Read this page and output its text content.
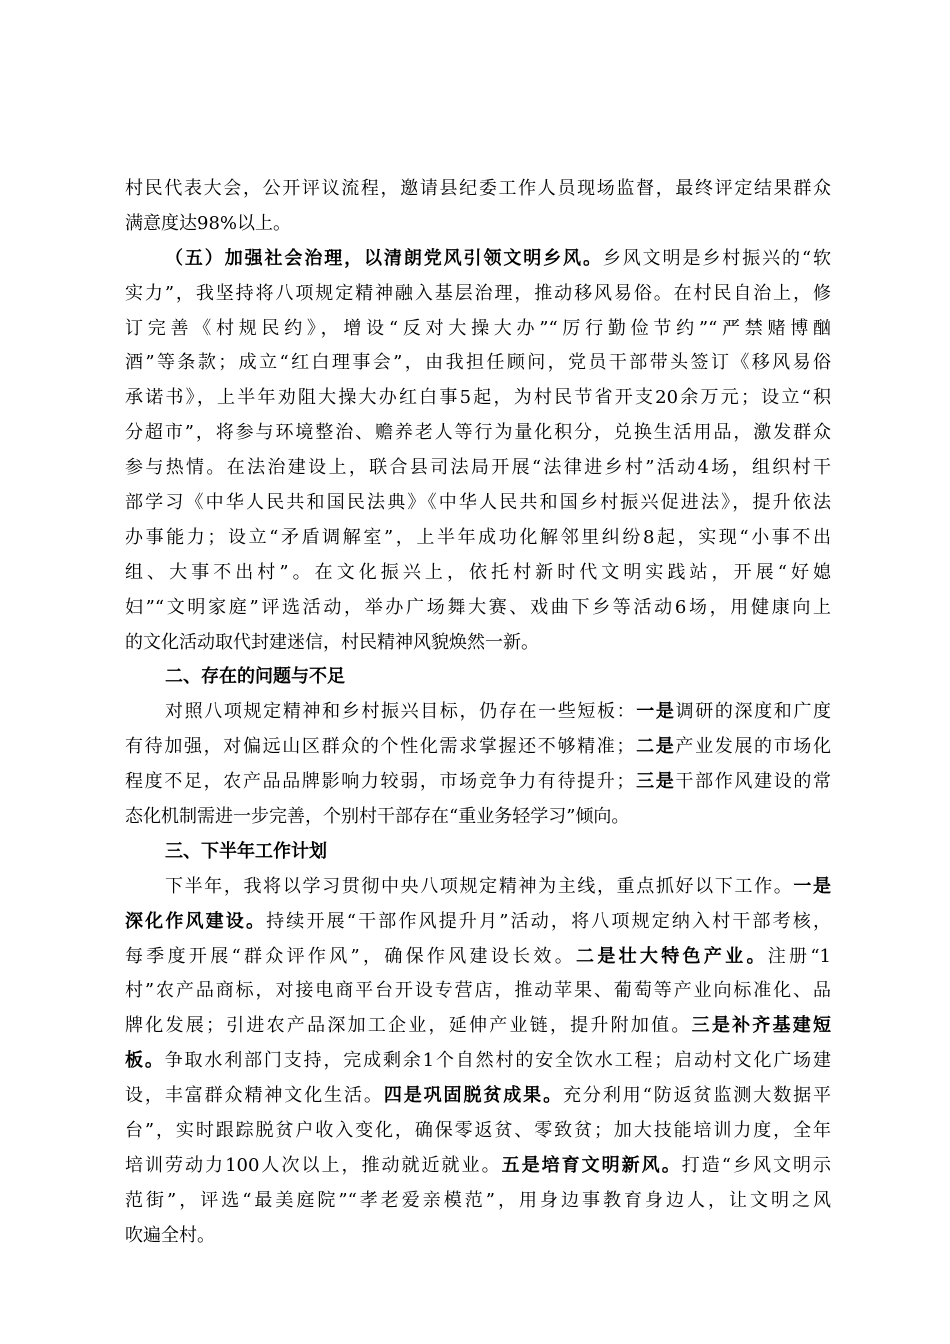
村民代表大会，公开评议流程，邀请县纪委工作人员现场监督，最终评定结果群众
满意度达98%以上。
（五）加强社会治理，以清朗党风引领文明乡风。乡风文明是乡村振兴的“软
实力”，我坚持将八项规定精神融入基层治理，推动移风易俗。在村民自治上，修
订完善《村规民约》，增设“反对大操大办”“厉行勤俭节约”“严禁赌博酗
酒”等条款；成立“红白理事会”，由我担任顾问，党员干部带头签订《移风易俗
承诺书》，上半年劝阻大操大办红白事5起，为村民节省开支20余万元；设立“积
分超市”，将参与环境整治、赡养老人等行为量化积分，兑换生活用品，激发群众
参与热情。在法治建设上，联合县司法局开展“法律进乡村”活动4场，组织村干
部学习《中华人民共和国民法典》《中华人民共和国乡村振兴促进法》，提升依法
办事能力；设立“矛盾调解室”，上半年成功化解邻里纠纷8起，实现“小事不出
组、大事不出村”。在文化振兴上，依托村新时代文明实践站，开展“好媳
妇”“文明家庭”评选活动，举办广场舞大赛、戏曲下乡等活动6场，用健康向上
的文化活动取代封建迷信，村民精神风貌焕然一新。
二、存在的问题与不足
对照八项规定精神和乡村振兴目标，仍存在一些短板：一是调研的深度和广度
有待加强，对偏远山区群众的个性化需求掌握还不够精准；二是产业发展的市场化
程度不足，农产品品牌影响力较弱，市场竞争力有待提升；三是干部作风建设的常
态化机制需进一步完善，个别村干部存在“重业务轻学习”倾向。
三、下半年工作计划
下半年，我将以学习贯彻中央八项规定精神为主线，重点抓好以下工作。一是
深化作风建设。持续开展“干部作风提升月”活动，将八项规定纳入村干部考核，
每季度开展“群众评作风”，确保作风建设长效。二是壮大特色产业。注册“1
村”农产品商标，对接电商平台开设专营店，推动苹果、葡萄等产业向标准化、品
牌化发展；引进农产品深加工企业，延伸产业链，提升附加值。三是补齐基建短
板。争取水利部门支持，完成剩余1个自然村的安全饮水工程；启动村文化广场建
设，丰富群众精神文化生活。四是巩固脱贫成果。充分利用“防返贫监测大数据平
台”，实时跟踪脱贫户收入变化，确保零返贫、零致贫；加大技能培训力度，全年
培训劳动力100人次以上，推动就近就业。五是培育文明新风。打造“乡风文明示
范街”，评选“最美庭院”“孝老爱亲模范”，用身边事教育身边人，让文明之风
吹遍全村。
